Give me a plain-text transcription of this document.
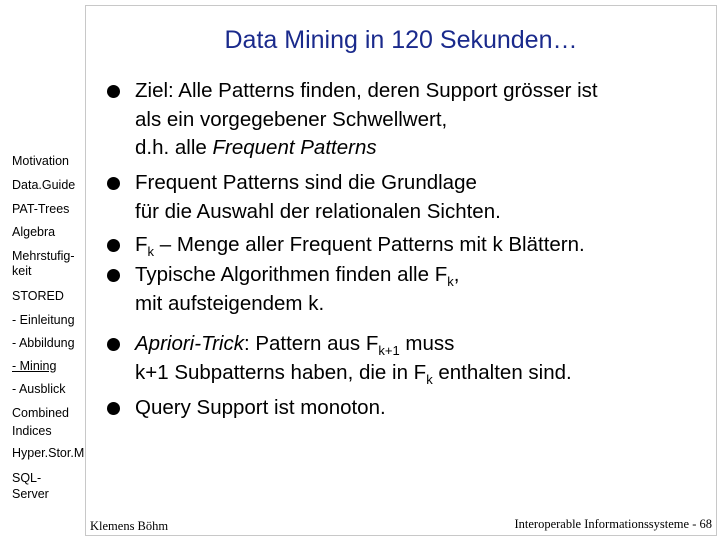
Data Mining in 120 Sekunden…
Motivation
Data.Guide
PAT-Trees
Algebra
Mehrstufig-
keit
STORED
- Einleitung
- Abbildung
- Mining
- Ausblick
Combined
Indices
Hyper.Stor.M
SQL-
Server
Ziel: Alle Patterns finden, deren Support grösser ist
als ein vorgegebener Schwellwert,
d.h. alle Frequent Patterns
Frequent Patterns sind die Grundlage
für die Auswahl der relationalen Sichten.
$F_k$ – Menge aller Frequent Patterns mit k Blättern.
Typische Algorithmen finden alle $F_k$,
mit aufsteigendem k.
Apriori-Trick: Pattern aus $F_{k+1}$ muss
k+1 Subpatterns haben, die in $F_k$ enthalten sind.
Query Support ist monoton.
Klemens Böhm	Interoperable Informationssysteme - 68
